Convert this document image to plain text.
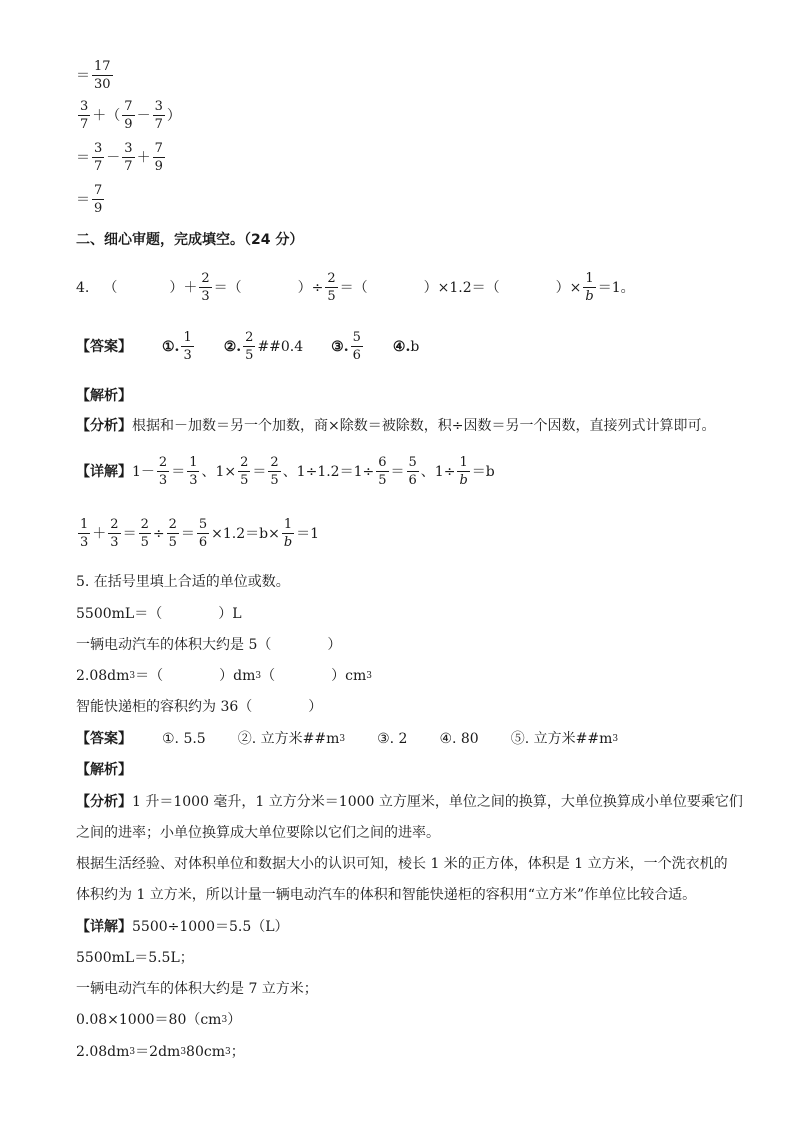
＝
17
30
3
7
＋ （
7
9
－
3
7
）
＝
3
7
－
3
7
＋
7
9
＝
7
9
二、细心审题，完成填空。（24 分）
4. （	）＋
2
3
＝（	）÷ $\frac{2}{5}$ ＝ （	）×1.2＝（	）× $\frac{1}{b} =1$。
【答案】 ①.
1
3
②.
2
5
##0.4 ③.
5
6
④. b
【解析】
【分析】 根据和－加数＝另一个加数，商×除数＝被除数，积÷因数＝另一个因数，直接列式计算即可。
【详解】 1－
2
3
＝
1
3
、$1\times \frac{2}{5}$ ＝
2
5
、$1\div 1.2=1\div \frac{6}{5}$ ＝
5
6
、$1\div \frac{1}{b} =b$
1
3
＋
2
3
＝ $\frac{2}{5} \div \frac{2}{5} = \frac{5}{6} \times 1.2=b\times \frac{1}{b} =1$
5. 在括号里填上合适的单位或数。
5500mL＝（　　　　）L
一辆电动汽车的体积大约是 5（　　　　）
2.08dm 3 ＝（　　　　）dm 3 （　　　　）cm 3
智能快递柜的容积约为 36（　　　　）
【答案】 ①. 5.5 ②. 立方米##m 3 ③. 2 ④. 80 ⑤. 立方米##m 3
【解析】
【分析】 1 升＝1000 毫升，1 立方分米＝1000 立方厘米，单位之间的换算，大单位换算成小单位要乘它们
之间的进率；小单位换算成大单位要除以它们之间的进率。
根据生活经验、对体积单位和数据大小的认识可知，棱长 1 米的正方体，体积是 1 立方米，一个洗衣机的
体积约为 1 立方米，所以计量一辆电动汽车的体积和智能快递柜的容积用“立方米”作单位比较合适。
【详解】 5500÷1000＝5.5（L）
5500mL＝5.5L；
一辆电动汽车的体积大约是 7 立方米；
0.08×1000＝80（cm 3 ）
2.08dm 3 ＝2dm 3 80cm 3 ；
